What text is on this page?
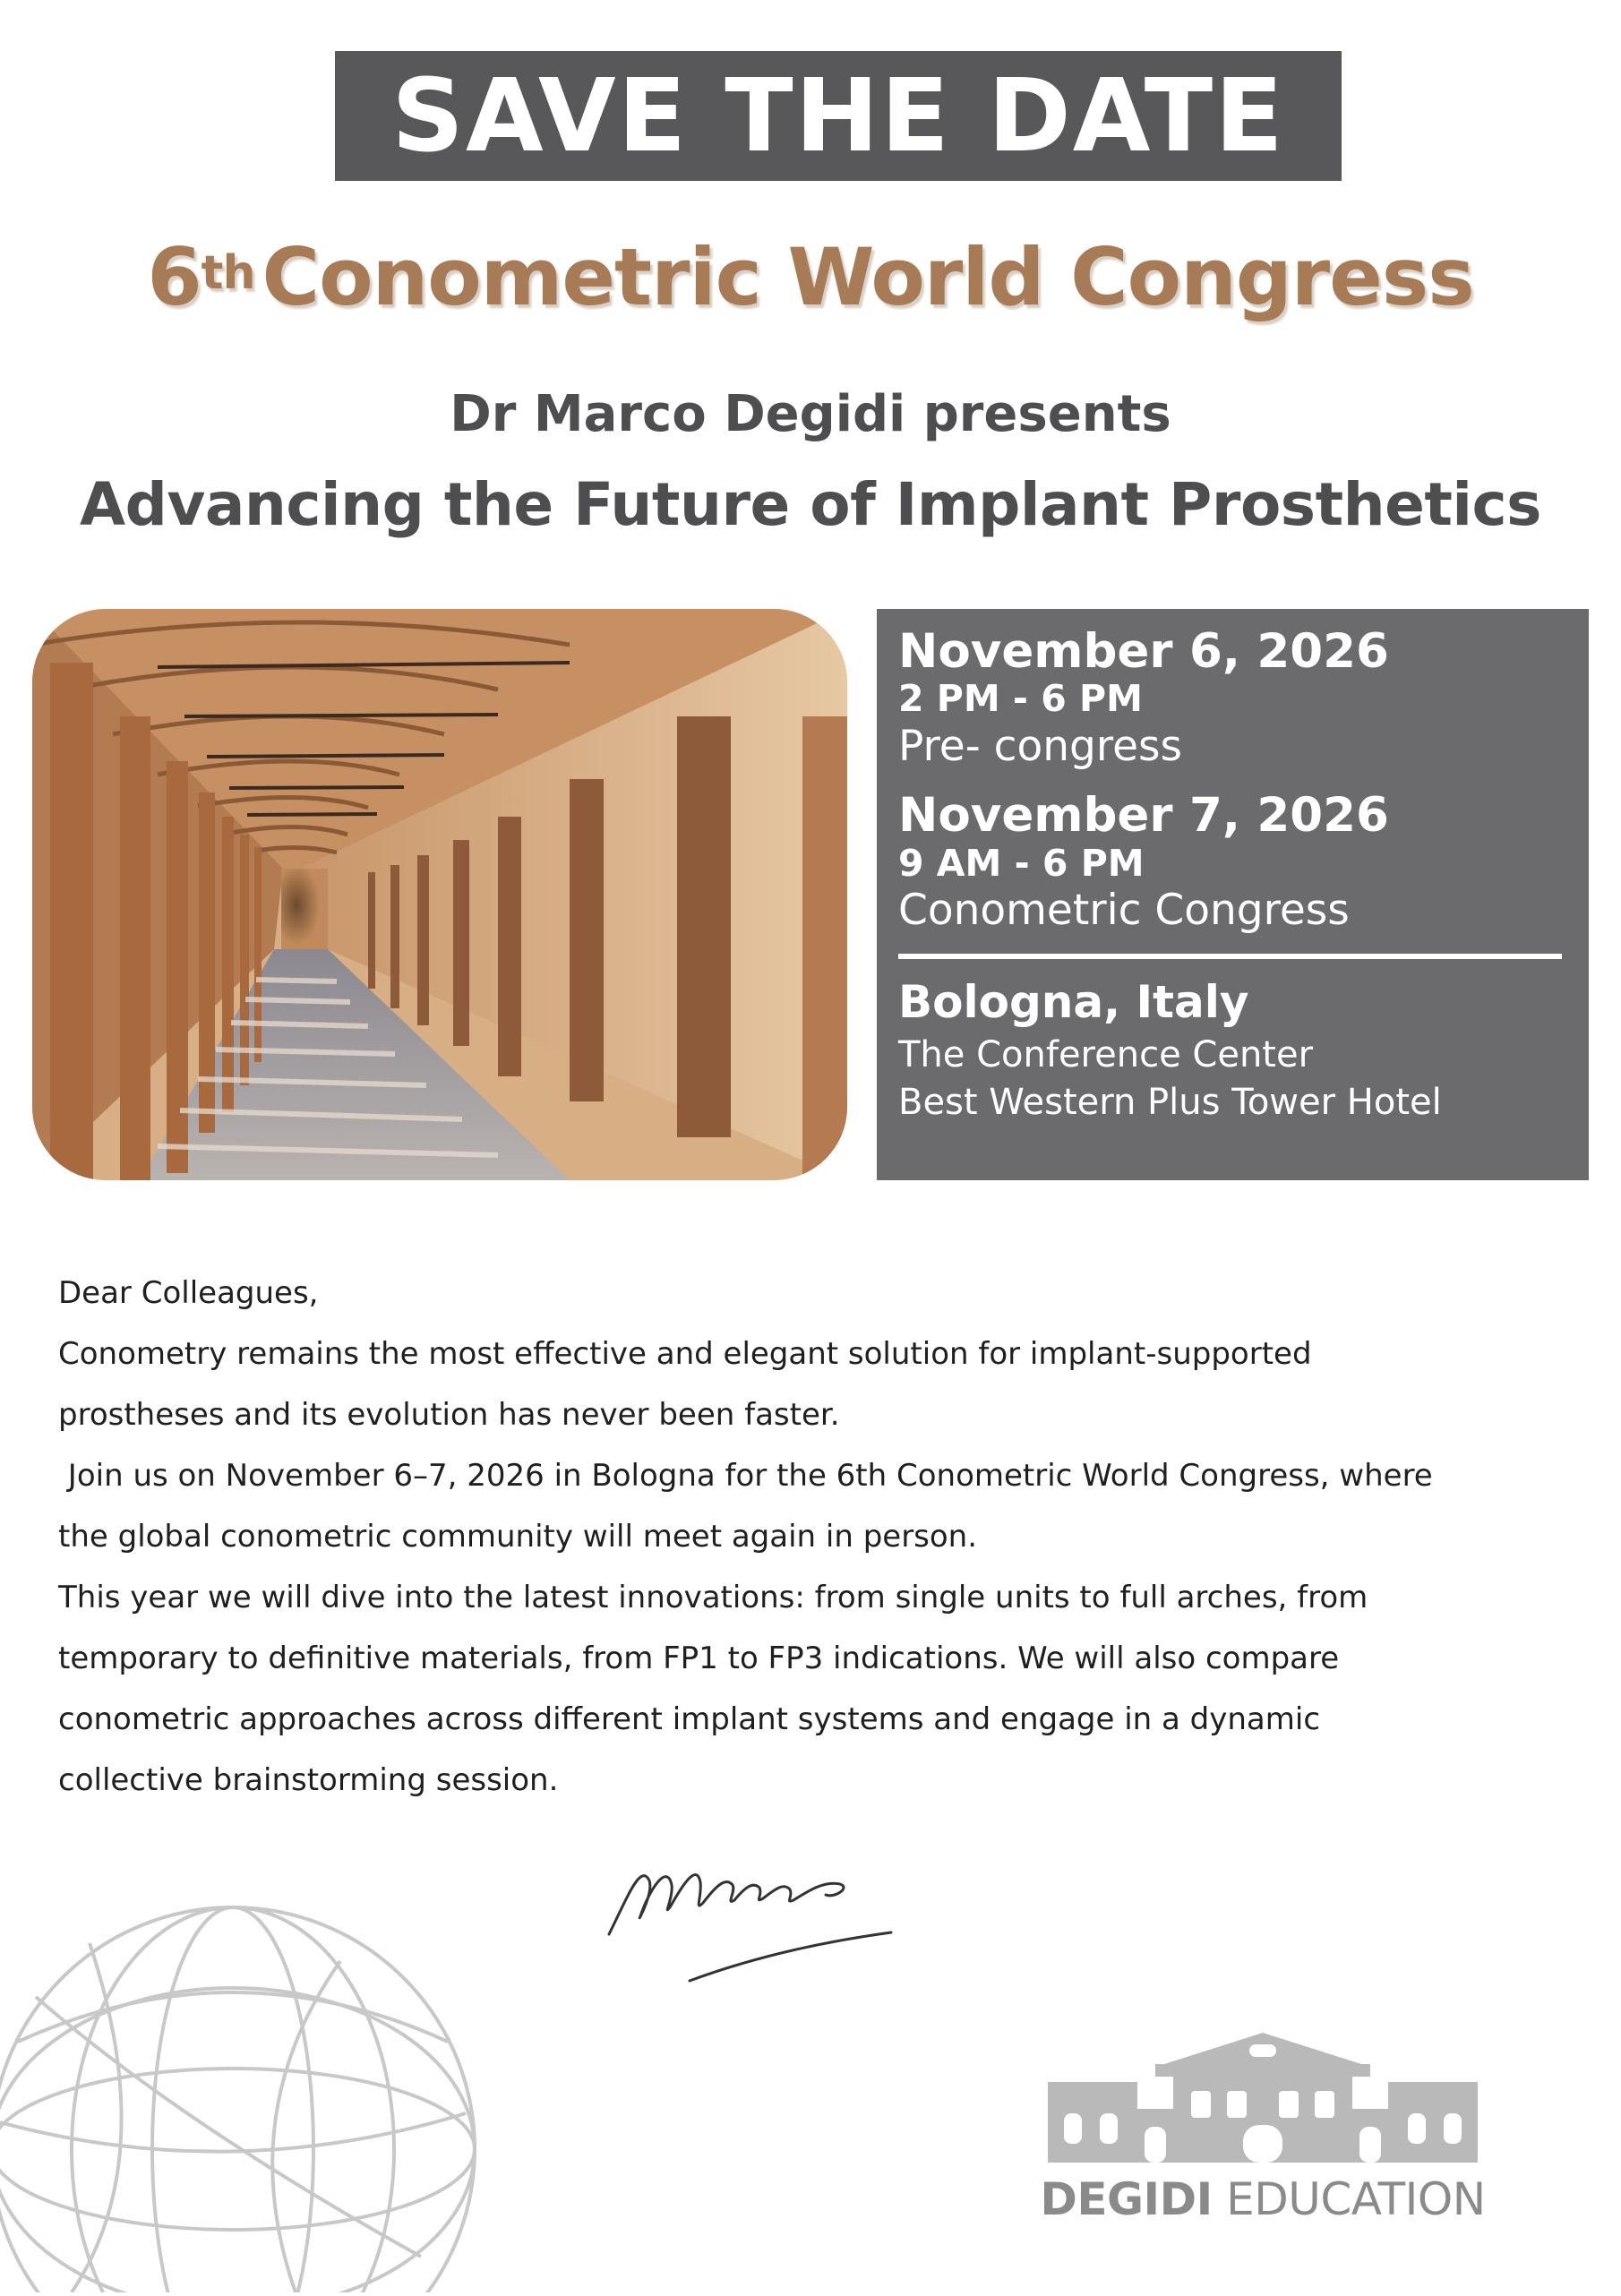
SAVE THE DATE
6thConometric World Congress
Dr Marco Degidi presents
Advancing the Future of Implant Prosthetics
November 6, 2026
2 PM - 6 PM
Pre- congress
November 7, 2026
9 AM - 6 PM
Conometric Congress
Bologna, Italy
The Conference Center
Best Western Plus Tower Hotel

Dear Colleagues,

Conometry remains the most effective and elegant solution for implant-supported

prostheses and its evolution has never been faster.

Join us on November 6–7, 2026 in Bologna for the 6th Conometric World Congress, where

the global conometric community will meet again in person.

This year we will dive into the latest innovations: from single units to full arches, from

temporary to definitive materials, from FP1 to FP3 indications. We will also compare

conometric approaches across different implant systems and engage in a dynamic

collective brainstorming session.

DEGIDI EDUCATION
